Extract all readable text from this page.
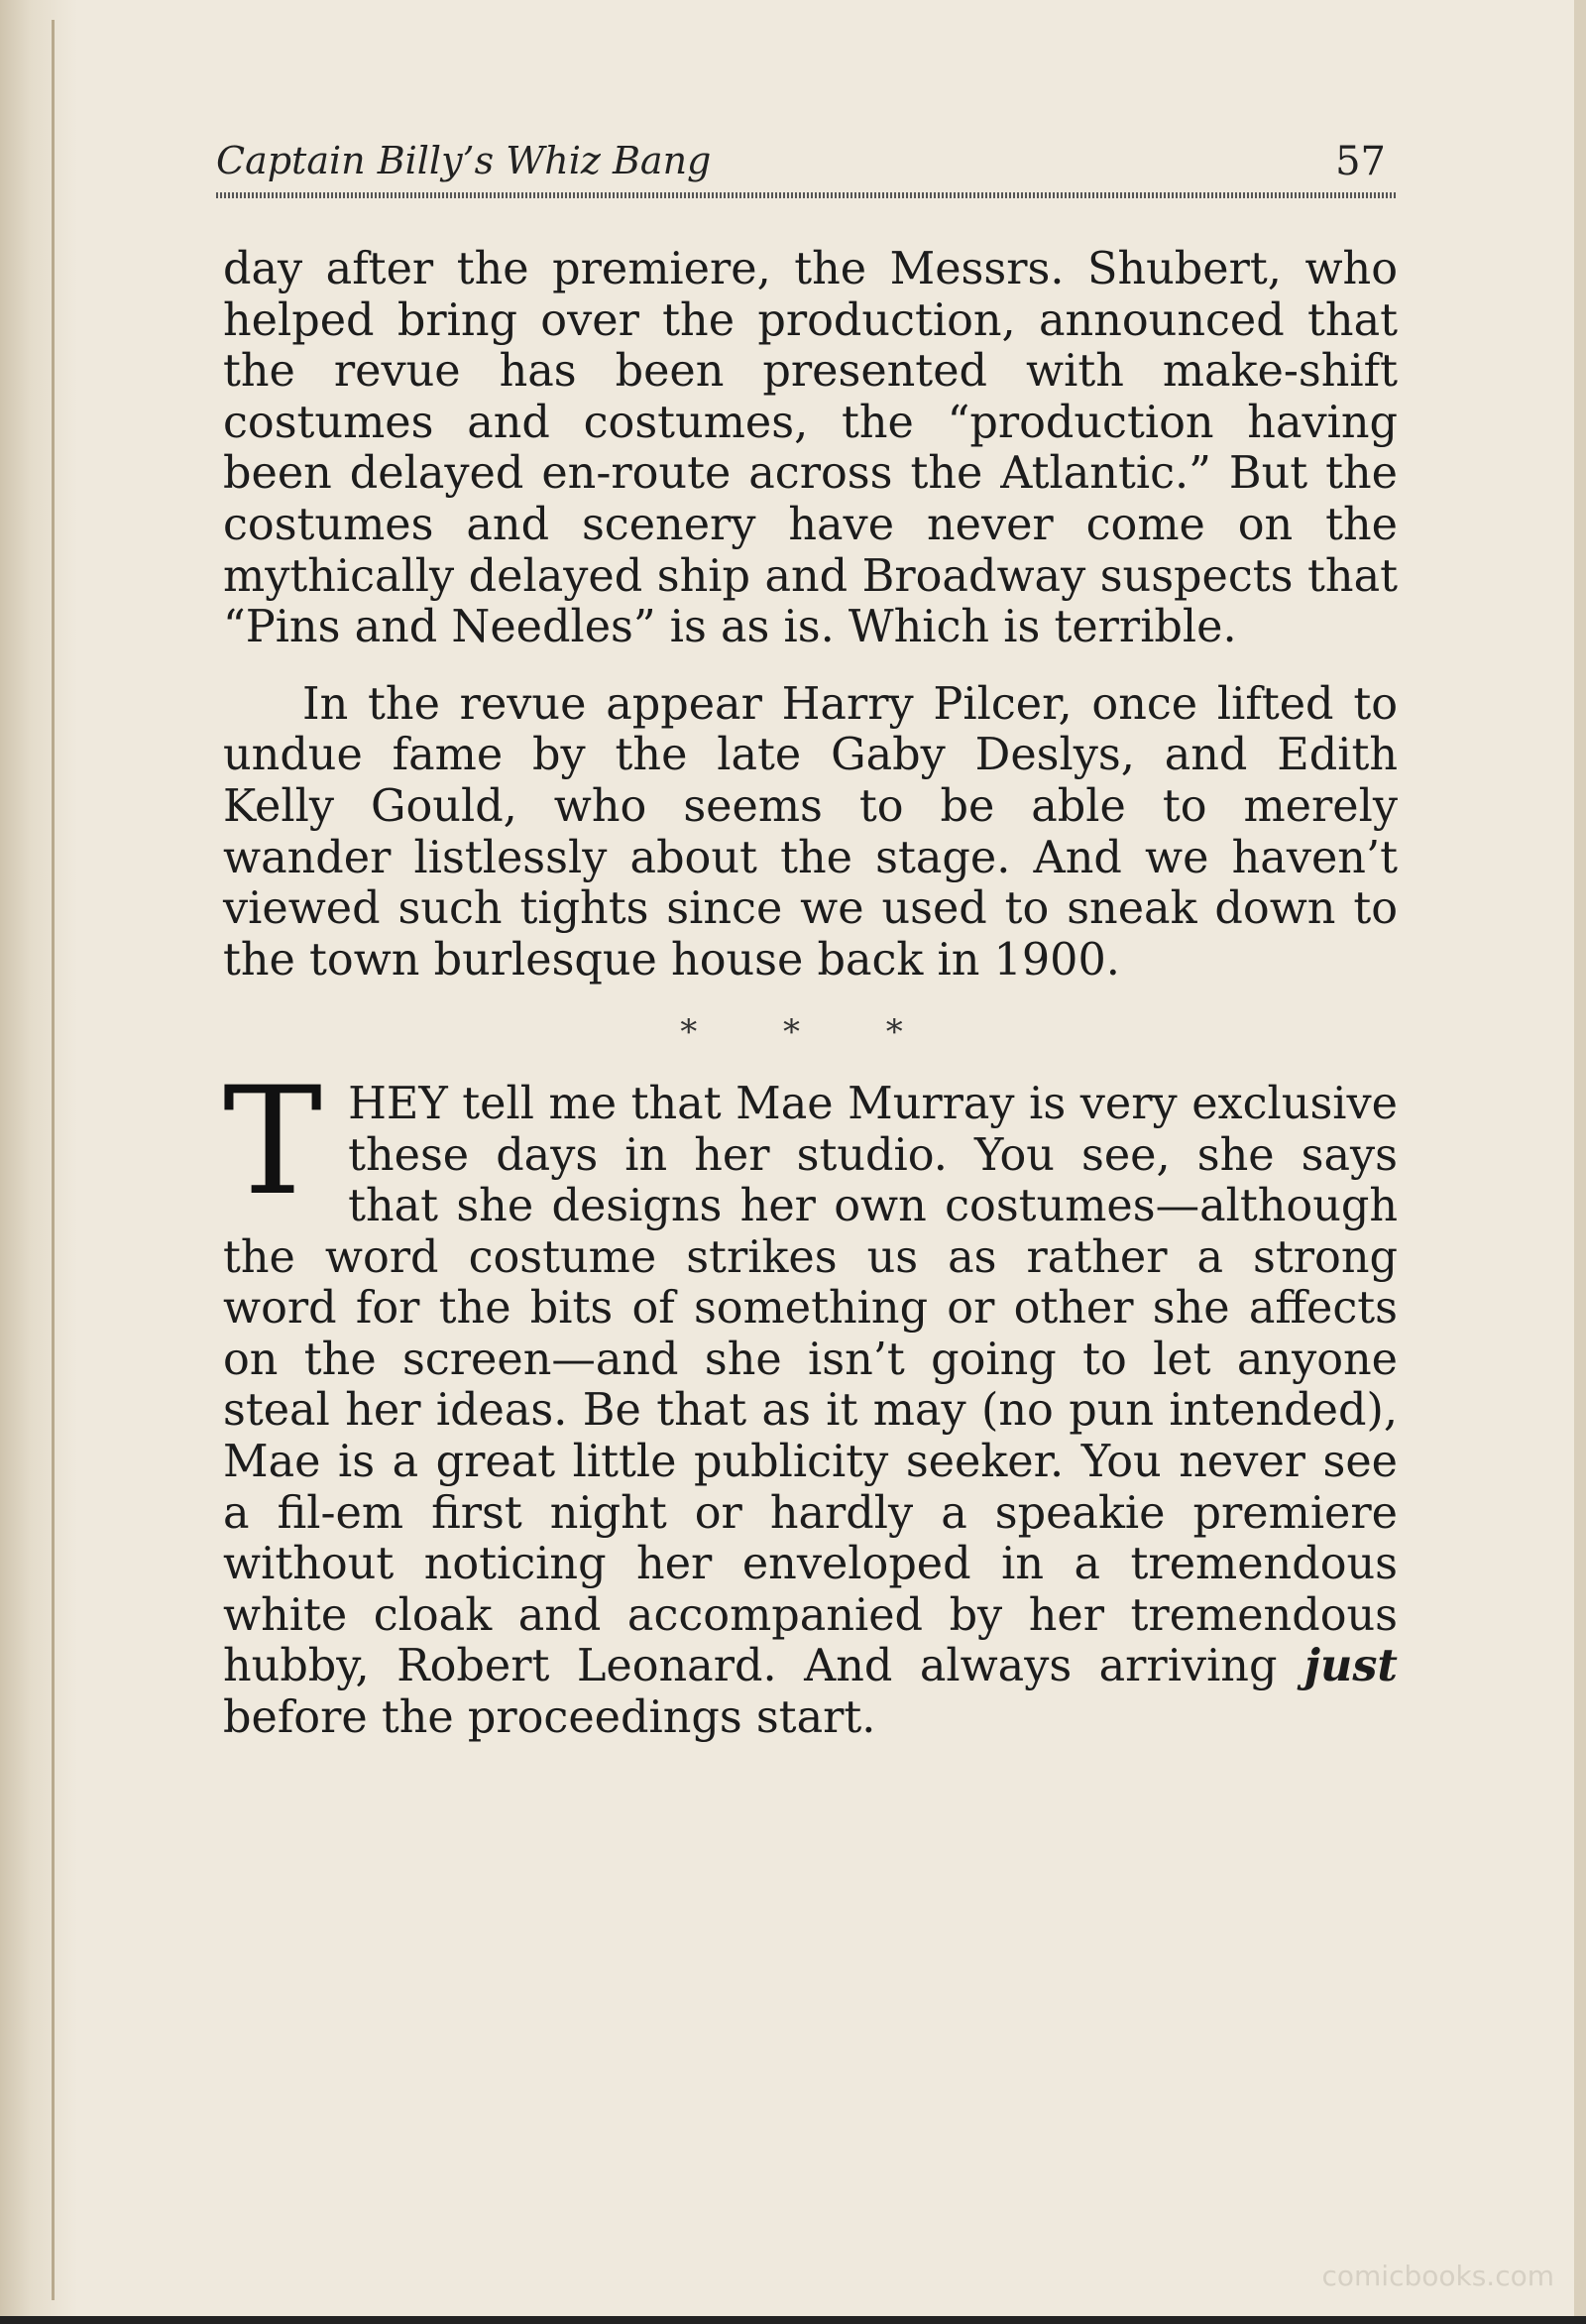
Captain Billy’s Whiz Bang	57

day after the premiere, the Messrs. Shubert, who helped bring over the production, announced that the revue has been presented with make-shift costumes and costumes, the “production having been delayed en-route across the Atlantic.” But the costumes and scenery have never come on the mythically delayed ship and Broadway suspects that “Pins and Needles” is as is. Which is terrible.

In the revue appear Harry Pilcer, once lifted to undue fame by the late Gaby Deslys, and Edith Kelly Gould, who seems to be able to merely wander listlessly about the stage. And we haven’t viewed such tights since we used to sneak down to the town burlesque house back in 1900.

* * *

THEY tell me that Mae Murray is very exclusive these days in her studio. You see, she says that she designs her own costumes—although the word costume strikes us as rather a strong word for the bits of something or other she affects on the screen—and she isn’t going to let anyone steal her ideas. Be that as it may (no pun intended), Mae is a great little publicity seeker. You never see a fil-em first night or hardly a speakie premiere without noticing her enveloped in a tremendous white cloak and accompanied by her tremendous hubby, Robert Leonard. And always arriving just before the proceedings start.

comicbooks.com
